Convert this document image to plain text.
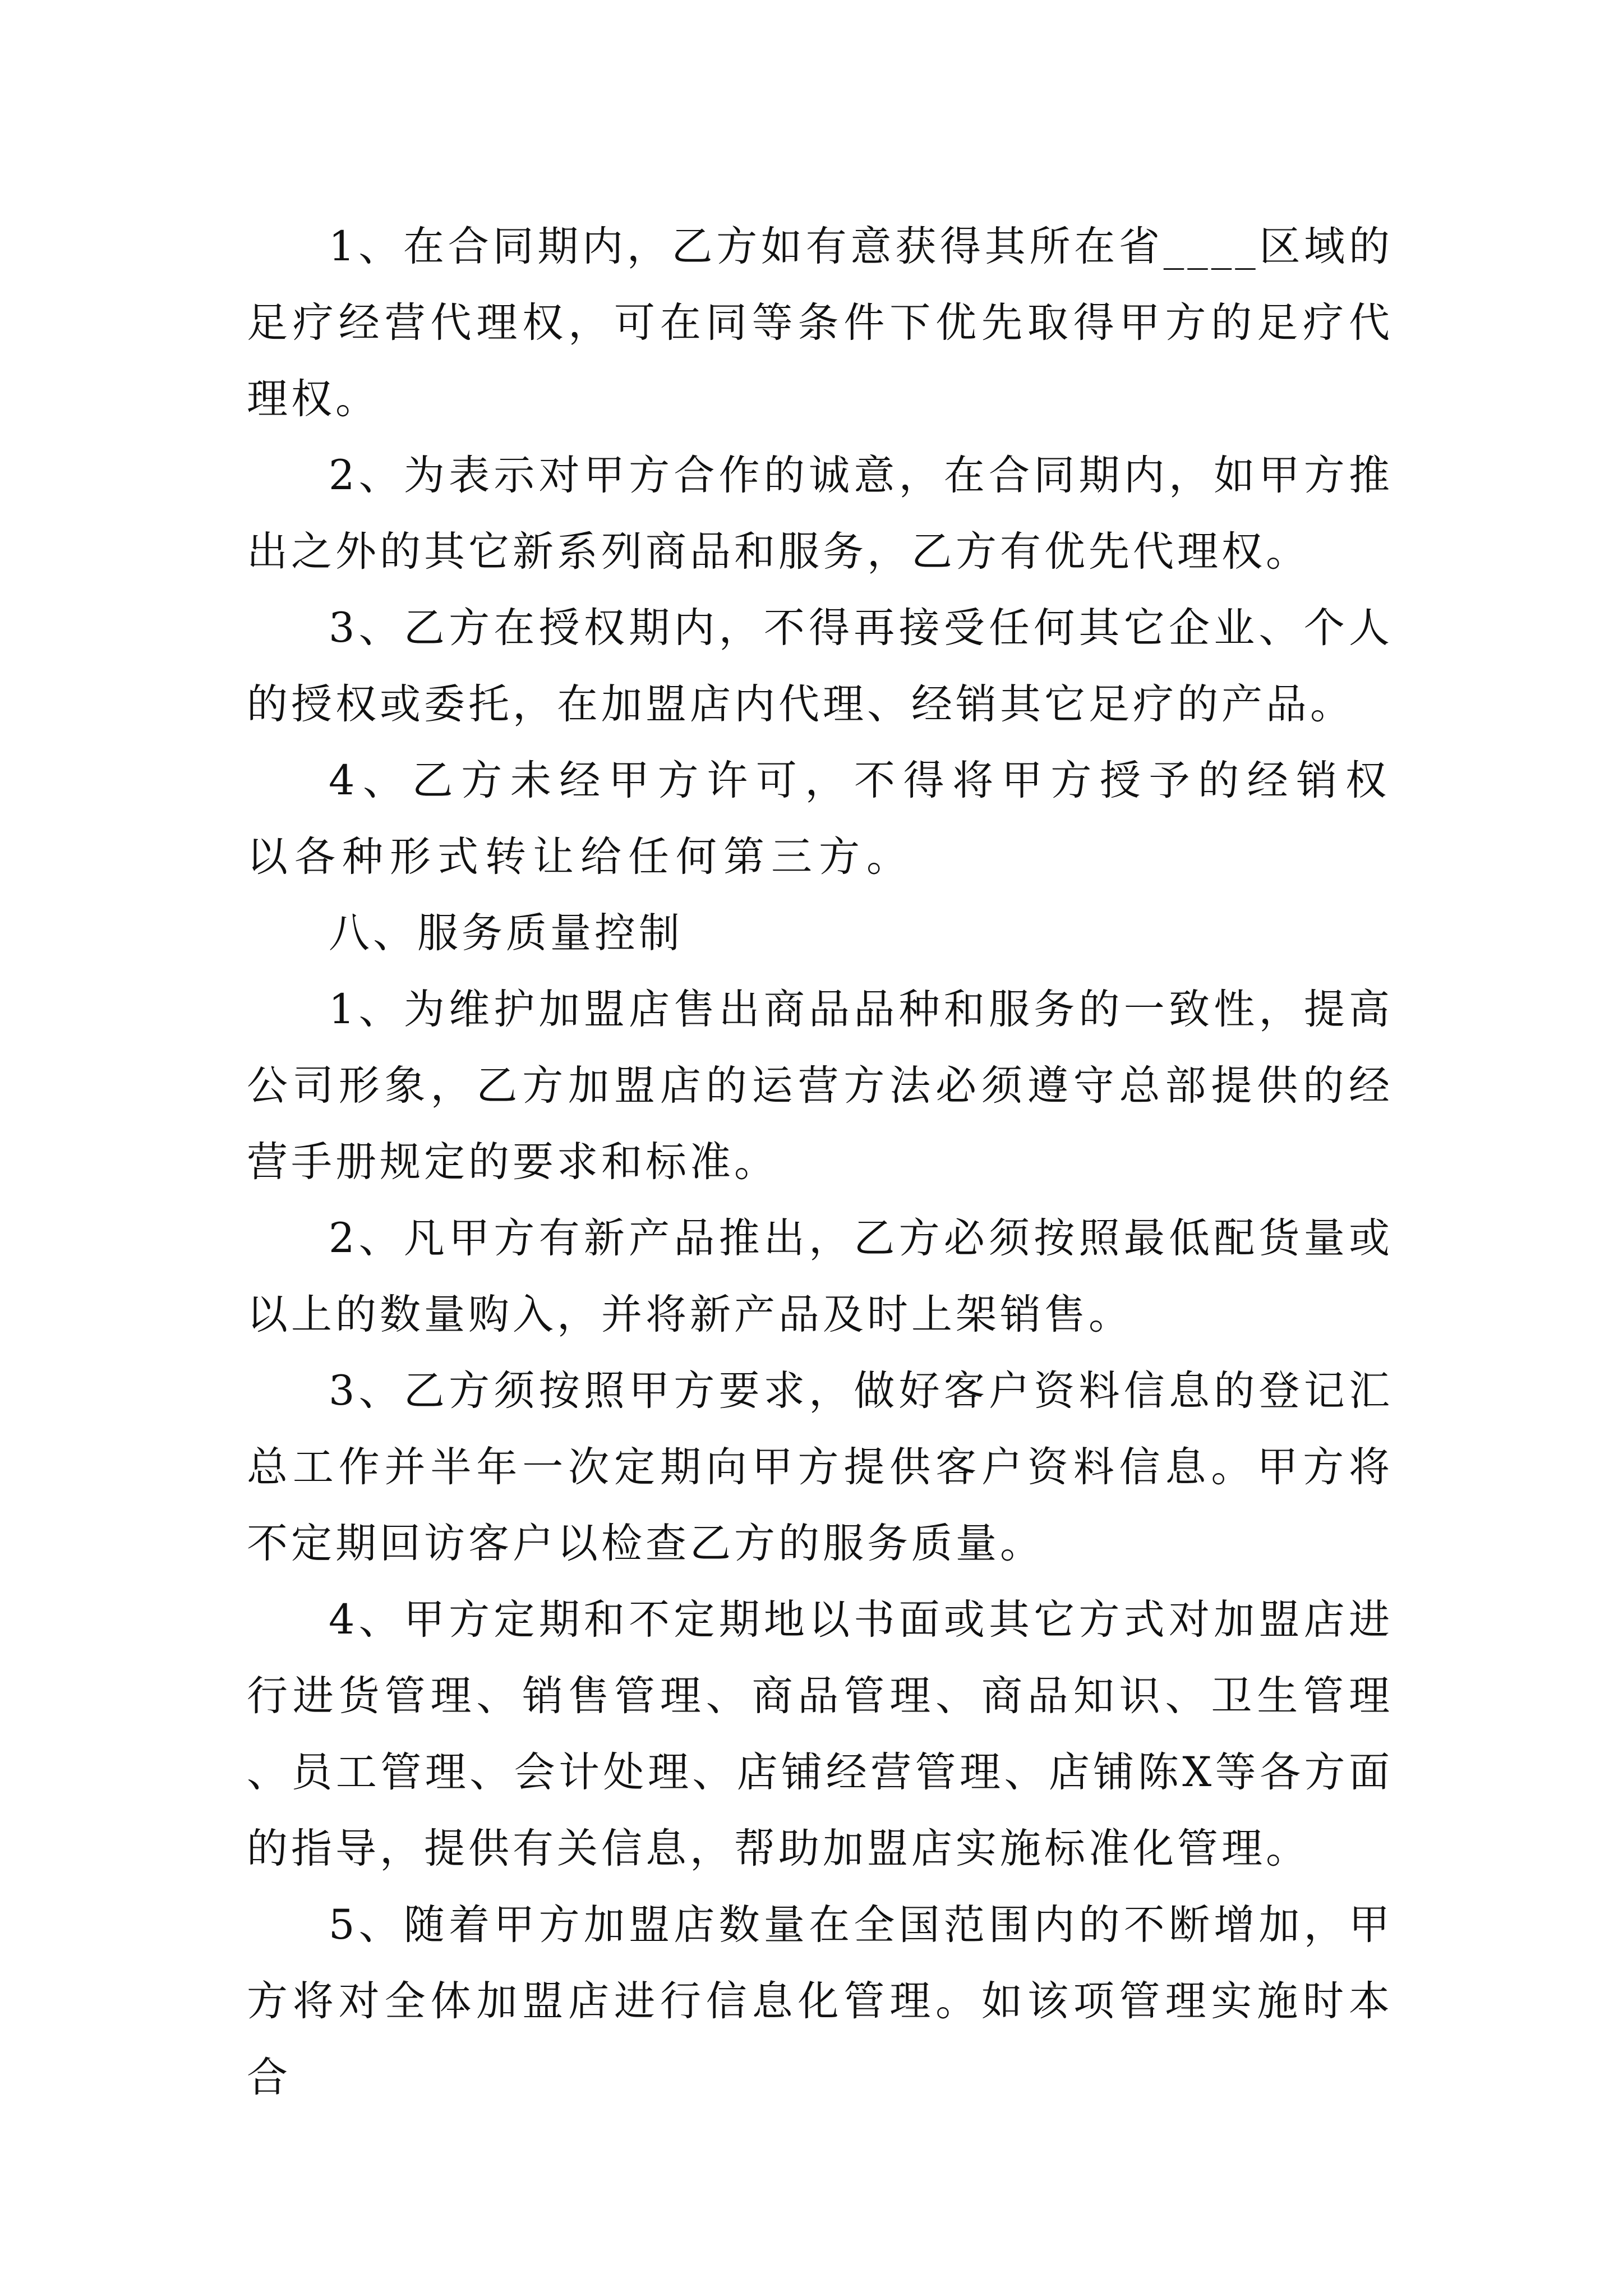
1、在合同期内，乙方如有意获得其所在省____区域的足疗经营代理权，可在同等条件下优先取得甲方的足疗代理权。

2、为表示对甲方合作的诚意，在合同期内，如甲方推出之外的其它新系列商品和服务，乙方有优先代理权。

3、乙方在授权期内，不得再接受任何其它企业、个人的授权或委托，在加盟店内代理、经销其它足疗的产品。

4、乙方未经甲方许可，不得将甲方授予的经销权以各种形式转让给任何第三方。

八、服务质量控制

1、为维护加盟店售出商品品种和服务的一致性，提高公司形象，乙方加盟店的运营方法必须遵守总部提供的经营手册规定的要求和标准。

2、凡甲方有新产品推出，乙方必须按照最低配货量或以上的数量购入，并将新产品及时上架销售。

3、乙方须按照甲方要求，做好客户资料信息的登记汇总工作并半年一次定期向甲方提供客户资料信息。甲方将不定期回访客户以检查乙方的服务质量。

4、甲方定期和不定期地以书面或其它方式对加盟店进行进货管理、销售管理、商品管理、商品知识、卫生管理、员工管理、会计处理、店铺经营管理、店铺陈X等各方面的指导，提供有关信息，帮助加盟店实施标准化管理。

5、随着甲方加盟店数量在全国范围内的不断增加，甲方将对全体加盟店进行信息化管理。如该项管理实施时本合
